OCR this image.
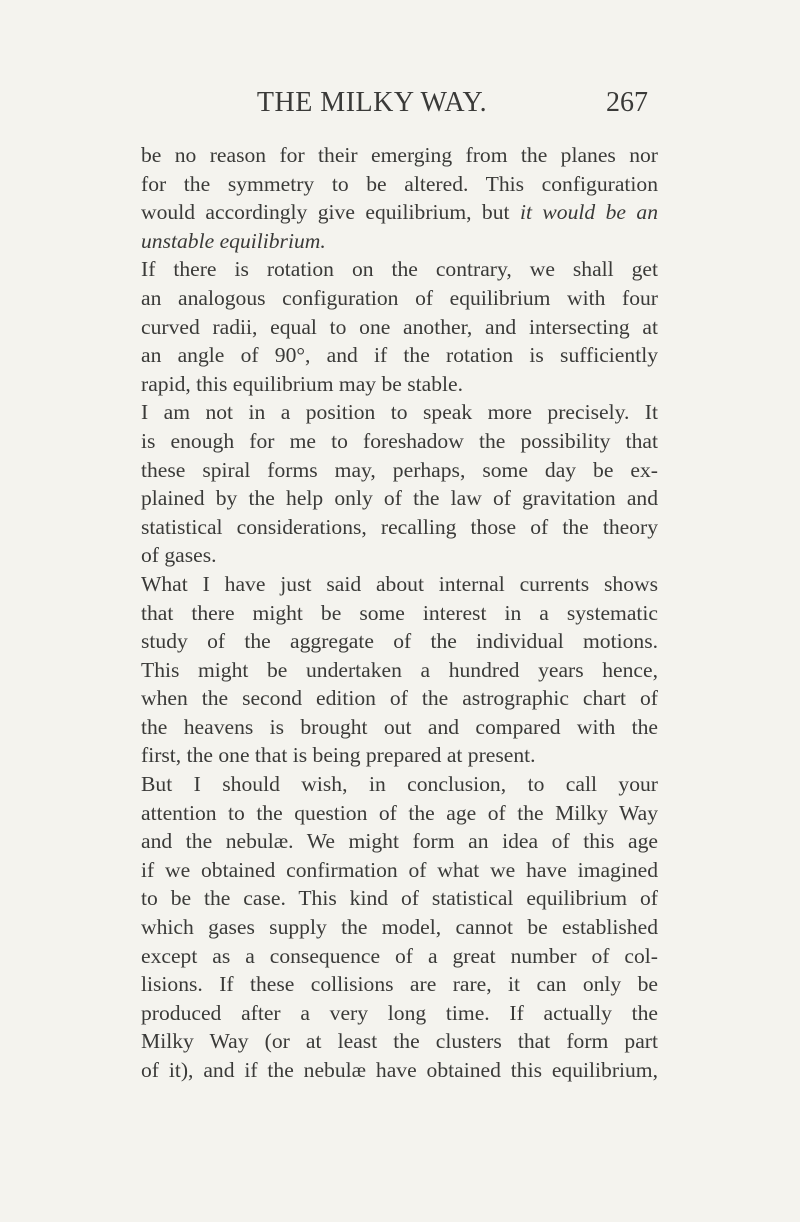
THE MILKY WAY.	267
be no reason for their emerging from the planes nor
for the symmetry to be altered. This configuration
would accordingly give equilibrium, but it would be an
unstable equilibrium.
If there is rotation on the contrary, we shall get
an analogous configuration of equilibrium with four
curved radii, equal to one another, and intersecting at
an angle of 90°, and if the rotation is sufficiently
rapid, this equilibrium may be stable.
I am not in a position to speak more precisely. It
is enough for me to foreshadow the possibility that
these spiral forms may, perhaps, some day be ex-
plained by the help only of the law of gravitation and
statistical considerations, recalling those of the theory
of gases.
What I have just said about internal currents shows
that there might be some interest in a systematic
study of the aggregate of the individual motions.
This might be undertaken a hundred years hence,
when the second edition of the astrographic chart of
the heavens is brought out and compared with the
first, the one that is being prepared at present.
But I should wish, in conclusion, to call your
attention to the question of the age of the Milky Way
and the nebulæ. We might form an idea of this age
if we obtained confirmation of what we have imagined
to be the case. This kind of statistical equilibrium of
which gases supply the model, cannot be established
except as a consequence of a great number of col-
lisions. If these collisions are rare, it can only be
produced after a very long time. If actually the
Milky Way (or at least the clusters that form part
of it), and if the nebulæ have obtained this equilibrium,
